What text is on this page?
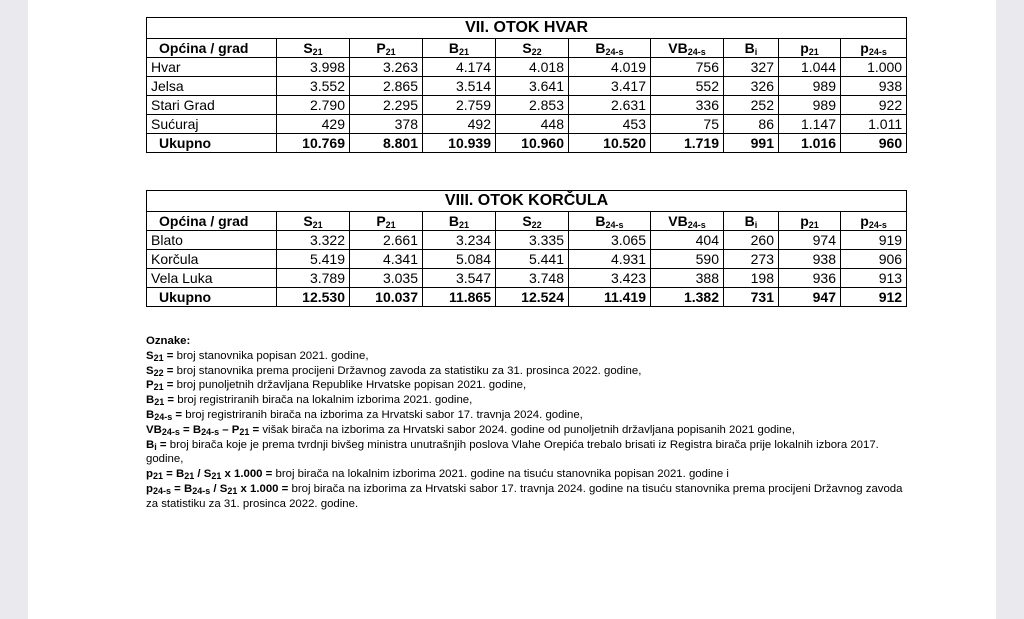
VII. OTOK HVAR									
Općina / grad	$S_{21}$	$P_{21}$	$B_{21}$	$S_{22}$	$B_{24-s}$	$VB_{24-s}$	$B_i$	$p_{21}$	$p_{24-s}$
Hvar	3.998	3.263	4.174	4.018	4.019	756	327	1.044	1.000
Jelsa	3.552	2.865	3.514	3.641	3.417	552	326	989	938
Stari Grad	2.790	2.295	2.759	2.853	2.631	336	252	989	922
Sućuraj	429	378	492	448	453	75	86	1.147	1.011
Ukupno	10.769	8.801	10.939	10.960	10.520	1.719	991	1.016	960
VIII. OTOK KORČULA									
Općina / grad	$S_{21}$	$P_{21}$	$B_{21}$	$S_{22}$	$B_{24-s}$	$VB_{24-s}$	$B_i$	$p_{21}$	$p_{24-s}$
Blato	3.322	2.661	3.234	3.335	3.065	404	260	974	919
Korčula	5.419	4.341	5.084	5.441	4.931	590	273	938	906
Vela Luka	3.789	3.035	3.547	3.748	3.423	388	198	936	913
Ukupno	12.530	10.037	11.865	12.524	11.419	1.382	731	947	912
Oznake:
$S_{21}$ = broj stanovnika popisan 2021. godine,
$S_{22}$ = broj stanovnika prema procijeni Državnog zavoda za statistiku za 31. prosinca 2022. godine,
$P_{21}$ = broj punoljetnih državljana Republike Hrvatske popisan 2021. godine,
$B_{21}$ = broj registriranih birača na lokalnim izborima 2021. godine,
$B_{24-s}$ = broj registriranih birača na izborima za Hrvatski sabor 17. travnja 2024. godine,
$VB_{24-s} = B_{24-s} - P_{21}$ = višak birača na izborima za Hrvatski sabor 2024. godine od punoljetnih državljana popisanih 2021 godine,
$B_i$ = broj birača koje je prema tvrdnji bivšeg ministra unutrašnjih poslova Vlahe Orepića trebalo brisati iz Registra birača prije lokalnih izbora 2017. godine,
$p_{21} = B_{21} / S_{21}$ x 1.000 = broj birača na lokalnim izborima 2021. godine na tisuću stanovnika popisan 2021. godine i
$p_{24-s} = B_{24-s} / S_{21}$ x 1.000 = broj birača na izborima za Hrvatski sabor 17. travnja 2024. godine na tisuću stanovnika prema procijeni Državnog zavoda za statistiku za 31. prosinca 2022. godine.
